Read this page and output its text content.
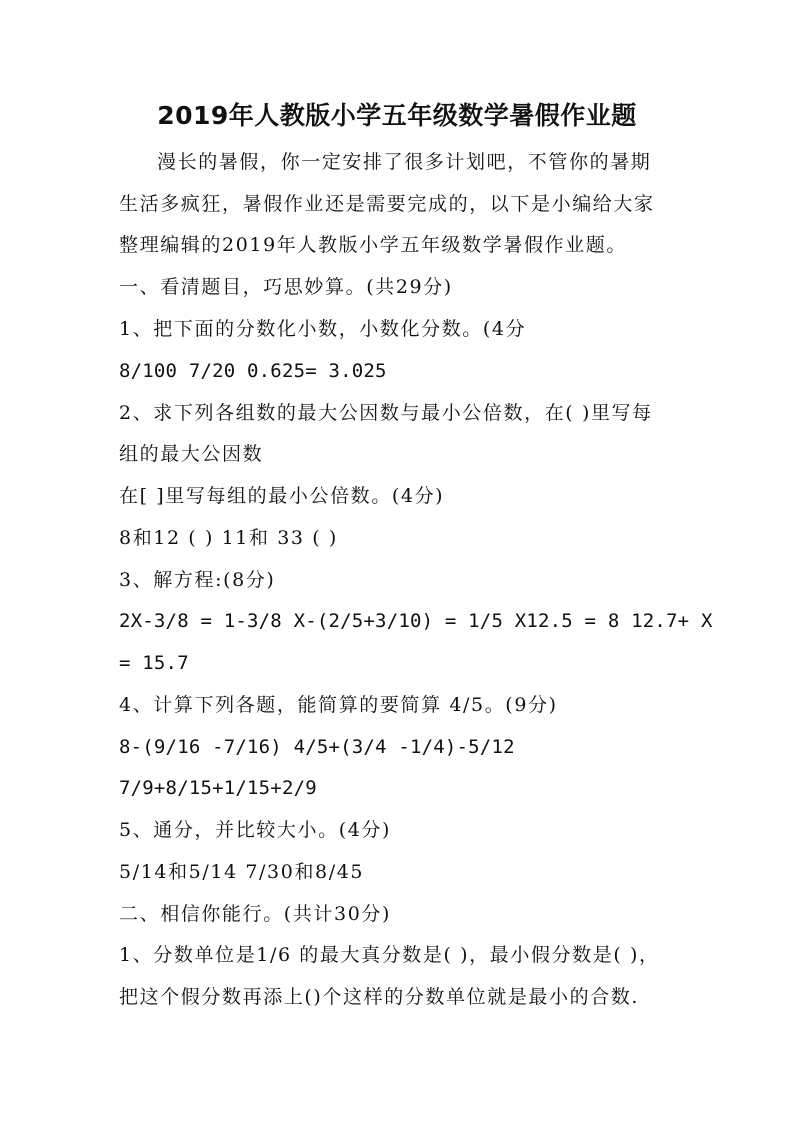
2019年人教版小学五年级数学暑假作业题
漫长的暑假，你一定安排了很多计划吧，不管你的暑期
生活多疯狂，暑假作业还是需要完成的，以下是小编给大家
整理编辑的2019年人教版小学五年级数学暑假作业题。
一、看清题目，巧思妙算。(共29分)
1、把下面的分数化小数，小数化分数。(4分
8/100 7/20 0.625= 3.025
2、求下列各组数的最大公因数与最小公倍数，在( )里写每
组的最大公因数
在[ ]里写每组的最小公倍数。(4分)
8和12 ( ) 11和 33 ( )
3、解方程:(8分)
2X-3/8 = 1-3/8 X-(2/5+3/10) = 1/5 X12.5 = 8 12.7+ X
= 15.7
4、计算下列各题，能简算的要简算 4/5。(9分)
8-(9/16 -7/16) 4/5+(3/4 -1/4)-5/12
7/9+8/15+1/15+2/9
5、通分，并比较大小。(4分)
5/14和5/14 7/30和8/45
二、相信你能行。(共计30分)
1、分数单位是1/6 的最大真分数是( )，最小假分数是( )，
把这个假分数再添上()个这样的分数单位就是最小的合数.
